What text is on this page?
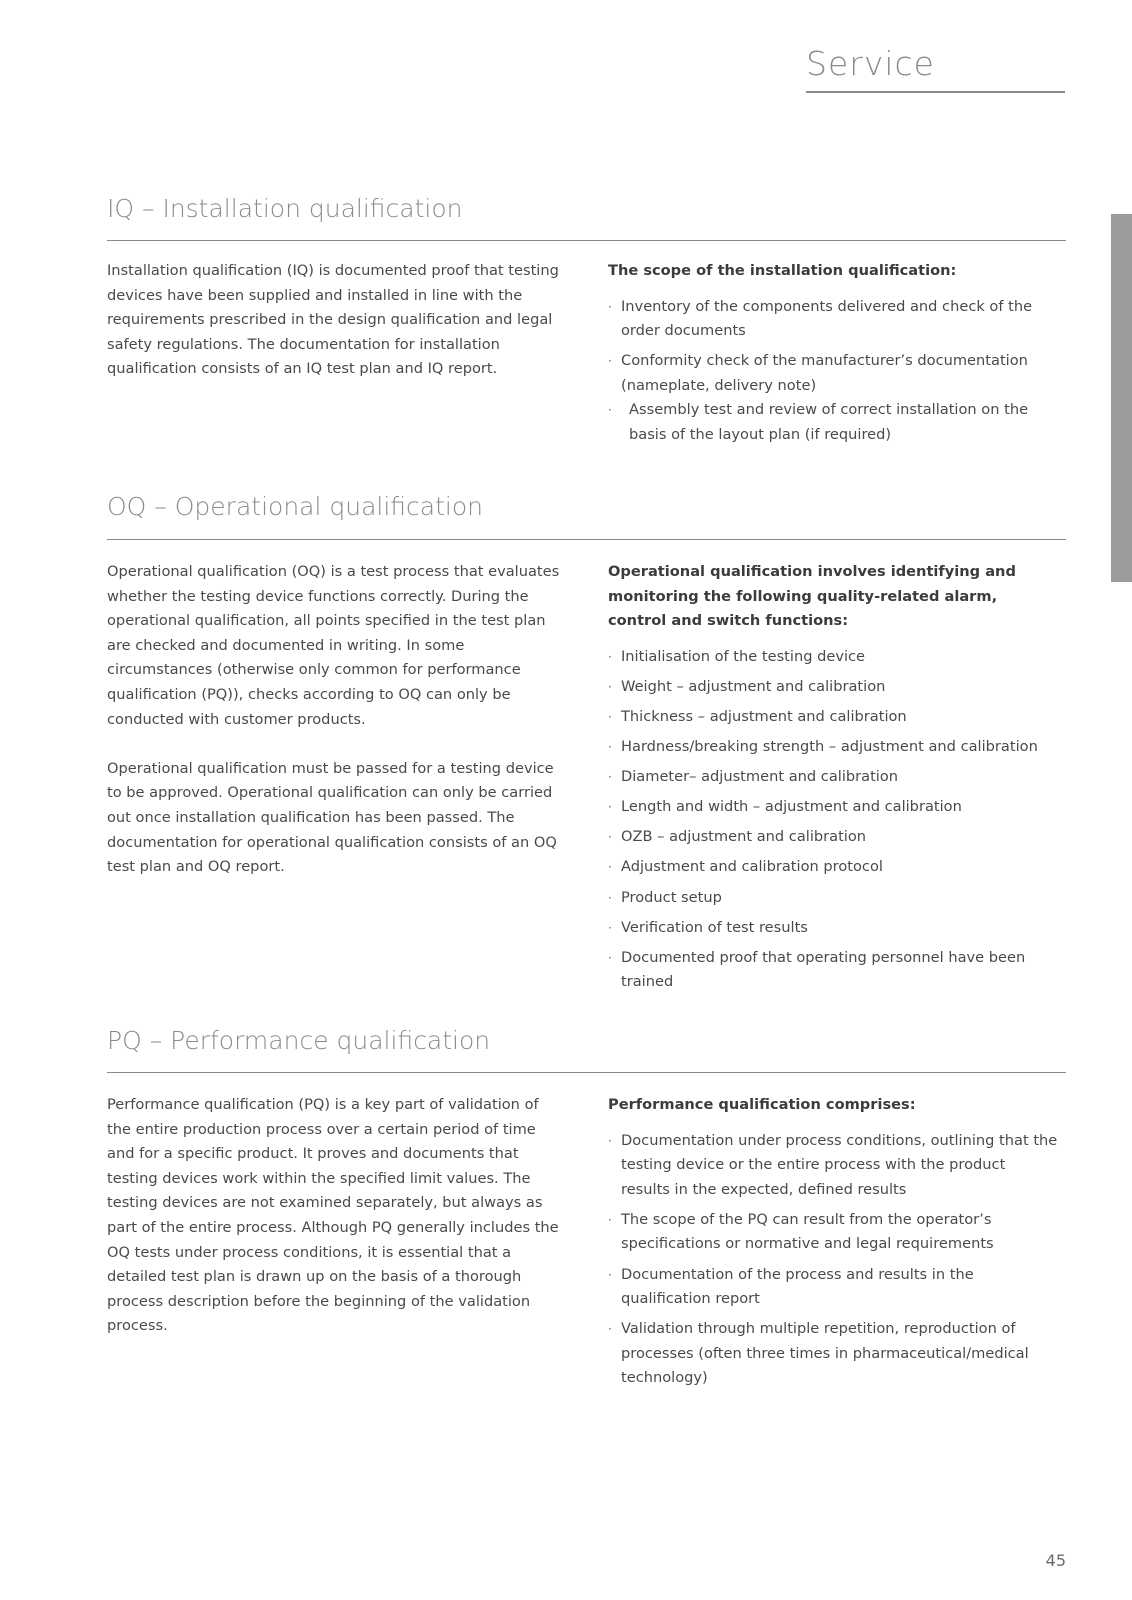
Service
IQ – Installation qualification

Installation qualification (IQ) is documented proof that testing devices have been supplied and installed in line with the requirements prescribed in the design qualification and legal safety regulations. The documentation for installation qualification consists of an IQ test plan and IQ report.

The scope of the installation qualification:

· Inventory of the components delivered and check of the order documents
· Conformity check of the manufacturer’s documentation (nameplate, delivery note)
· Assembly test and review of correct installation on the basis of the layout plan (if required)
OQ – Operational qualification

Operational qualification (OQ) is a test process that evaluates whether the testing device functions correctly. During the operational qualification, all points specified in the test plan are checked and documented in writing. In some circumstances (otherwise only common for performance qualification (PQ)), checks according to OQ can only be conducted with customer products.

Operational qualification must be passed for a testing device to be approved. Operational qualification can only be carried out once installation qualification has been passed. The documentation for operational qualification consists of an OQ test plan and OQ report.

Operational qualification involves identifying and monitoring the following quality-related alarm, control and switch functions:

· Initialisation of the testing device
· Weight – adjustment and calibration
· Thickness – adjustment and calibration
· Hardness/breaking strength – adjustment and calibration
· Diameter– adjustment and calibration
· Length and width – adjustment and calibration
· OZB – adjustment and calibration
· Adjustment and calibration protocol
· Product setup
· Verification of test results
· Documented proof that operating personnel have been trained
PQ – Performance qualification

Performance qualification (PQ) is a key part of validation of the entire production process over a certain period of time and for a specific product. It proves and documents that testing devices work within the specified limit values. The testing devices are not examined separately, but always as part of the entire process. Although PQ generally includes the OQ tests under process conditions, it is essential that a detailed test plan is drawn up on the basis of a thorough process description before the beginning of the validation process.

Performance qualification comprises:

· Documentation under process conditions, outlining that the testing device or the entire process with the product results in the expected, defined results
· The scope of the PQ can result from the operator’s specifications or normative and legal requirements
· Documentation of the process and results in the qualification report
· Validation through multiple repetition, reproduction of processes (often three times in pharmaceutical/medical technology)
45
